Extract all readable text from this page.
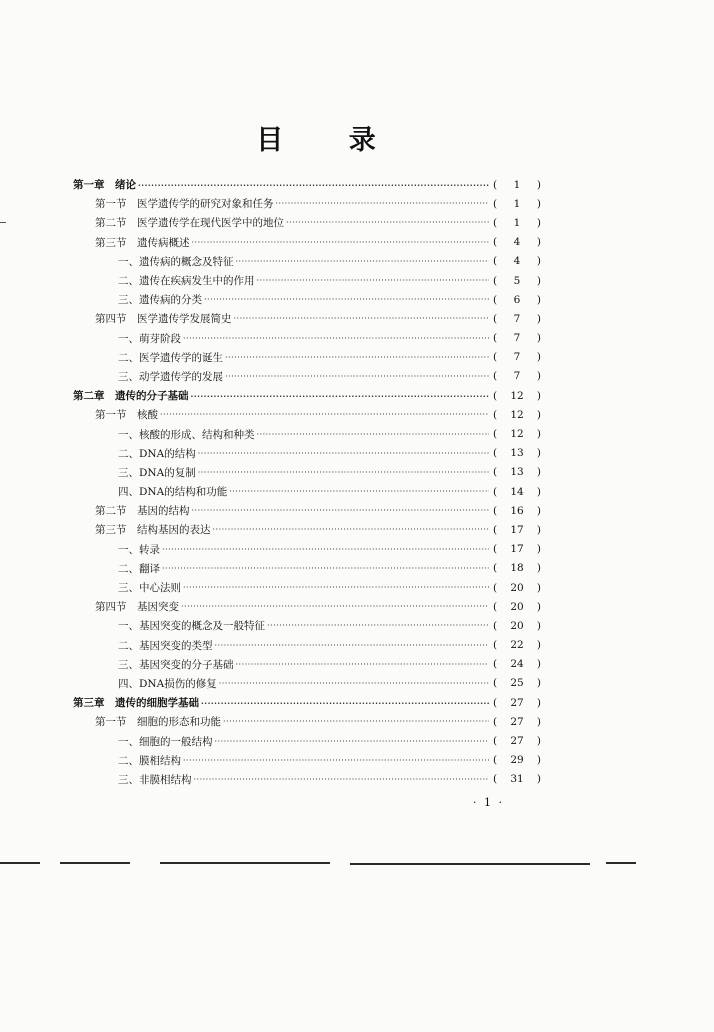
目 录
第一章　绪论 ·····	(	1	)
第一节　医学遗传学的研究对象和任务 ·····	(	1	)
第二节　医学遗传学在现代医学中的地位 ·····	(	1	)
第三节　遗传病概述 ·····	(	4	)
一、遗传病的概念及特征 ·····	(	4	)
二、遗传在疾病发生中的作用 ·····	(	5	)
三、遗传病的分类 ·····	(	6	)
第四节　医学遗传学发展简史 ·····	(	7	)
一、萌芽阶段 ·····	(	7	)
二、医学遗传学的诞生 ·····	(	7	)
三、动学遗传学的发展 ·····	(	7	)
第二章　遗传的分子基础 ·····	(	12	)
第一节　核酸 ·····	(	12	)
一、核酸的形成、结构和种类 ·····	(	12	)
二、DNA的结构 ·····	(	13	)
三、DNA的复制 ·····	(	13	)
四、DNA的结构和功能 ·····	(	14	)
第二节　基因的结构 ·····	(	16	)
第三节　结构基因的表达 ·····	(	17	)
一、转录 ·····	(	17	)
二、翻译 ·····	(	18	)
三、中心法则 ·····	(	20	)
第四节　基因突变 ·····	(	20	)
一、基因突变的概念及一般特征 ·····	(	20	)
二、基因突变的类型 ·····	(	22	)
三、基因突变的分子基础 ·····	(	24	)
四、DNA损伤的修复 ·····	(	25	)
第三章　遗传的细胞学基础 ·····	(	27	)
第一节　细胞的形态和功能 ·····	(	27	)
一、细胞的一般结构 ·····	(	27	)
二、膜相结构 ·····	(	29	)
三、非膜相结构 ·····	(	31	)
· 1 ·
